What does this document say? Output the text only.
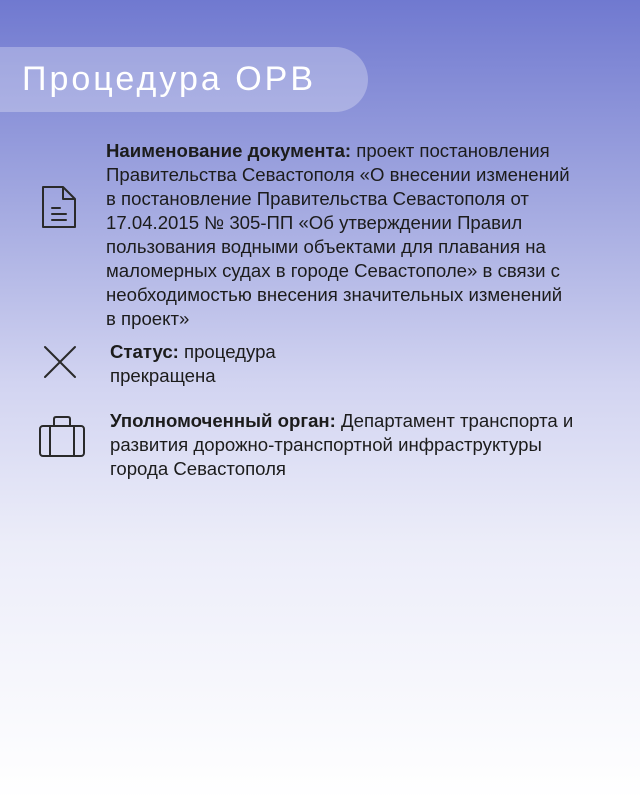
Процедура ОРВ
Наименование документа: проект постановления
Правительства Севастополя «О внесении изменений
в постановление Правительства Севастополя от
17.04.2015 № 305-ПП «Об утверждении Правил
пользования водными объектами для плавания на
маломерных судах в городе Севастополе» в связи с
необходимостью внесения значительных изменений
в проект»
Статус: процедура
прекращена
Уполномоченный орган: Департамент транспорта и
развития дорожно-транспортной инфраструктуры
города Севастополя
